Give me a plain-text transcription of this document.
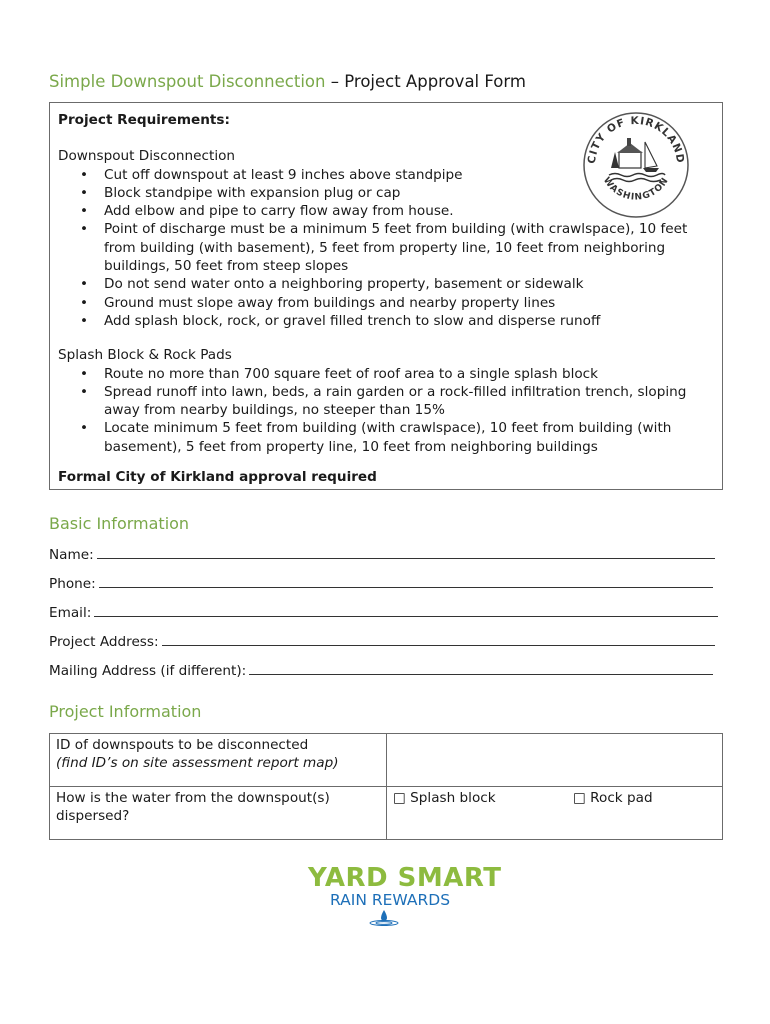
Simple Downspout Disconnection – Project Approval Form
Project Requirements:
Downspout Disconnection
• Cut off downspout at least 9 inches above standpipe
• Block standpipe with expansion plug or cap
• Add elbow and pipe to carry flow away from house.
• Point of discharge must be a minimum 5 feet from building (with crawlspace), 10 feet from building (with basement), 5 feet from property line, 10 feet from neighboring buildings, 50 feet from steep slopes
• Do not send water onto a neighboring property, basement or sidewalk
• Ground must slope away from buildings and nearby property lines
• Add splash block, rock, or gravel filled trench to slow and disperse runoff
Splash Block & Rock Pads
• Route no more than 700 square feet of roof area to a single splash block
• Spread runoff into lawn, beds, a rain garden or a rock-filled infiltration trench, sloping away from nearby buildings, no steeper than 15%
• Locate minimum 5 feet from building (with crawlspace), 10 feet from building (with basement), 5 feet from property line, 10 feet from neighboring buildings
Formal City of Kirkland approval required
CITY OF KIRKLAND
WASHINGTON
Basic Information
Name:
Phone:
Email:
Project Address:
Mailing Address (if different):
Project Information
ID of downspouts to be disconnected
(find ID’s on site assessment report map)	

How is the water from the downspout(s) dispersed?	□ Splash block □ Rock pad
YARD SMART
RAIN REWARDS
